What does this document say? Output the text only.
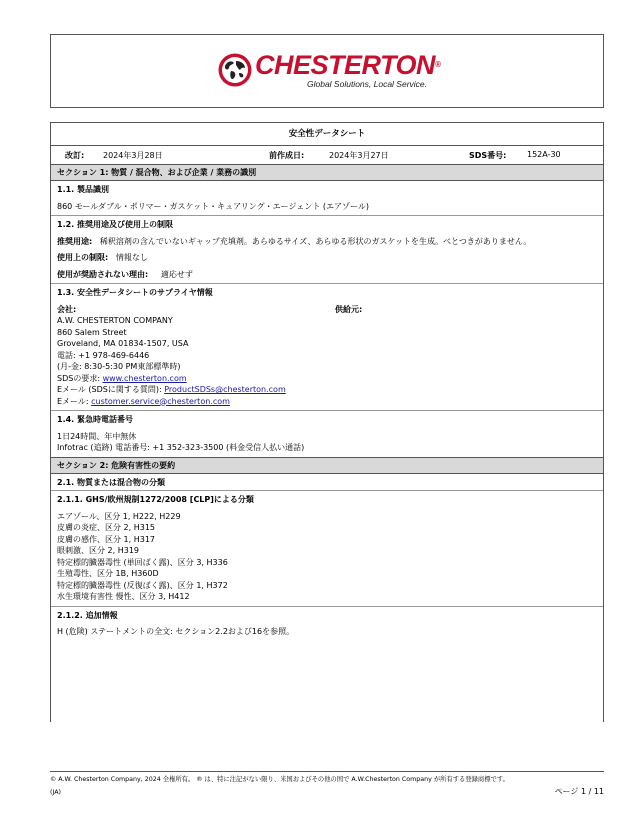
CHESTERTON®
Global Solutions, Local Service.
安全性データシート
改訂: 2024年3月28日	前作成日:	2024年3月27日	SDS番号:	152A-30
セクション 1: 物質 / 混合物、および企業 / 業務の識別
1.1. 製品識別
860 モールダブル・ポリマー・ガスケット・キュアリング・エージェント (エアゾール)
1.2. 推奨用途及び使用上の制限
推奨用途: 稀釈溶剤の含んでいないギャップ充填剤。あらゆるサイズ、あらゆる形状のガスケットを生成。べとつきがありません。
使用上の制限: 情報なし
使用が奨励されない理由: 適応せず
1.3. 安全性データシートのサプライヤ情報
会社:	供給元:
A.W. CHESTERTON COMPANY
860 Salem Street
Groveland, MA 01834-1507, USA
電話: +1 978-469-6446
(月-金: 8:30-5:30 PM東部標準時)
SDSの要求: www.chesterton.com
Eメール (SDSに関する質問): ProductSDSs@chesterton.com
Eメール: customer.service@chesterton.com
1.4. 緊急時電話番号
1日24時間、年中無休
Infotrac (追跡) 電話番号: +1 352-323-3500 (料金受信人払い通話)
セクション 2: 危険有害性の要約
2.1. 物質または混合物の分類
2.1.1. GHS/欧州規制1272/2008 [CLP]による分類
エアゾール、区分 1, H222, H229
皮膚の炎症、区分 2, H315
皮膚の感作、区分 1, H317
眼刺激、区分 2, H319
特定標的臓器毒性 (単回ばく露)、区分 3, H336
生殖毒性、区分 1B, H360D
特定標的臓器毒性 (反復ばく露)、区分 1, H372
水生環境有害性 慢性、区分 3, H412
2.1.2. 追加情報
H (危険) ステートメントの全文: セクション2.2および16を参照。
© A.W. Chesterton Company, 2024 全権所有。 ® は、特に注記がない限り、米国およびその他の国で A.W.Chesterton Company が所有する登録商標です。
(JA)	ページ 1 / 11
